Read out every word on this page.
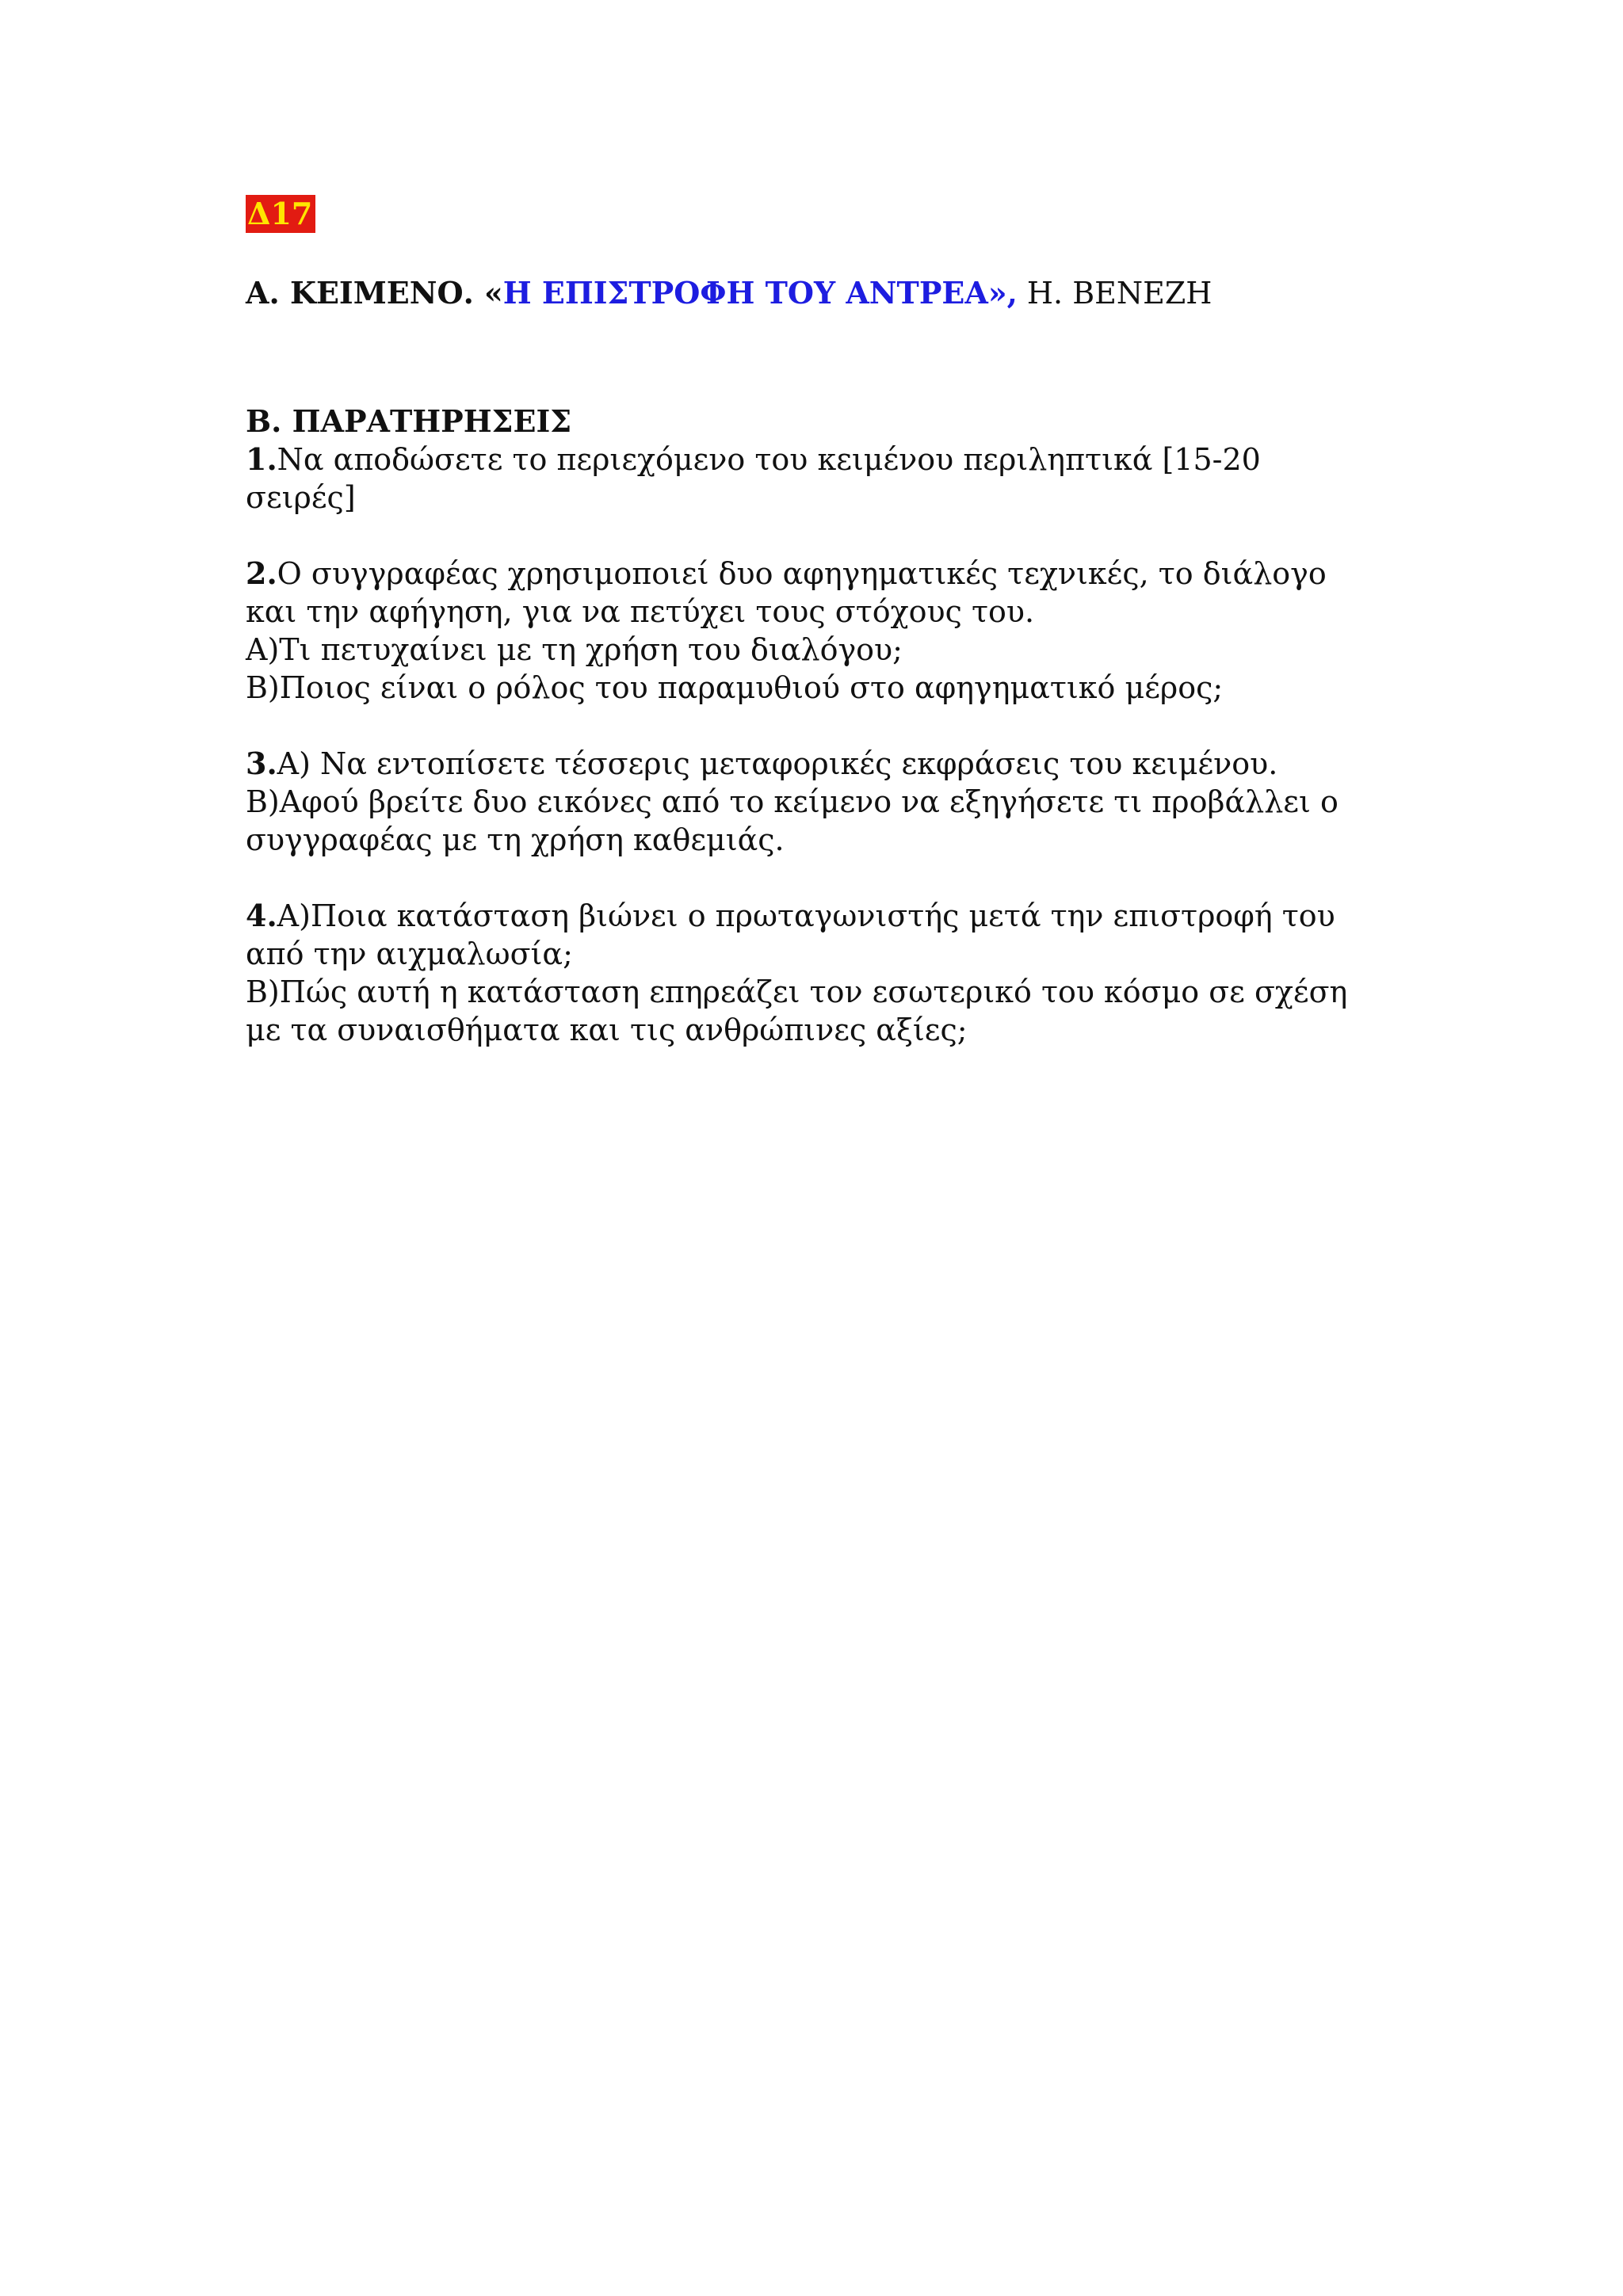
Δ17
Α. ΚΕΙΜΕΝΟ. «Η ΕΠΙΣΤΡΟΦΗ ΤΟΥ ΑΝΤΡΕΑ», Η. ΒΕΝΕΖΗ
Β. ΠΑΡΑΤΗΡΗΣΕΙΣ
1.Να αποδώσετε το περιεχόμενο του κειμένου περιληπτικά [15-20
σειρές]
2.Ο συγγραφέας χρησιμοποιεί δυο αφηγηματικές τεχνικές, το διάλογο
και την αφήγηση, για να πετύχει τους στόχους του.
Α)Τι πετυχαίνει με τη χρήση του διαλόγου;
Β)Ποιος είναι ο ρόλος του παραμυθιού στο αφηγηματικό μέρος;
3.Α) Να εντοπίσετε τέσσερις μεταφορικές εκφράσεις του κειμένου.
Β)Αφού βρείτε δυο εικόνες από το κείμενο να εξηγήσετε τι προβάλλει ο
συγγραφέας με τη χρήση καθεμιάς.
4.Α)Ποια κατάσταση βιώνει ο πρωταγωνιστής μετά την επιστροφή του
από την αιχμαλωσία;
Β)Πώς αυτή η κατάσταση επηρεάζει τον εσωτερικό του κόσμο σε σχέση
με τα συναισθήματα και τις ανθρώπινες αξίες;
